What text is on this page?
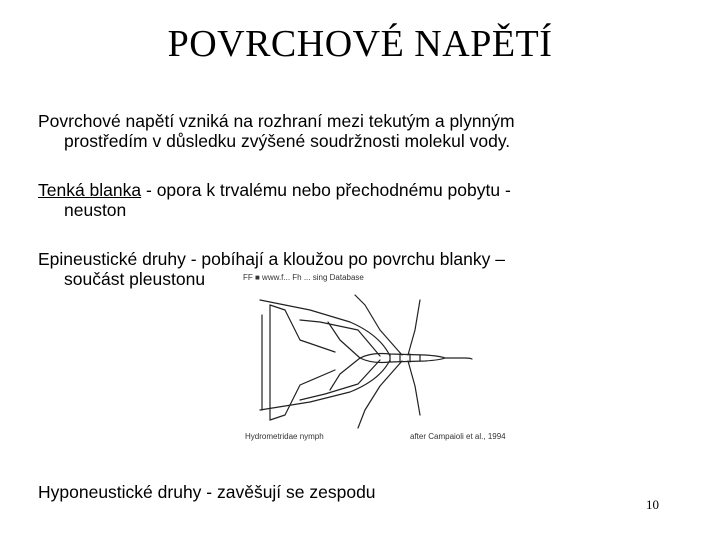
POVRCHOVÉ NAPĚTÍ
Povrchové napětí vzniká na rozhraní mezi tekutým a plynným
prostředím v důsledku zvýšené soudržnosti molekul vody.
Tenká blanka - opora k trvalému nebo přechodnému pobytu -
neuston
Epineustické druhy - pobíhají a kloužou po povrchu blanky –
součást pleustonu	FF ■ www.f... Fh ... sing Database
Hydrometridae nymph	after Campaioli et al., 1994
Hyponeustické druhy - zavěšují se zespodu
10
